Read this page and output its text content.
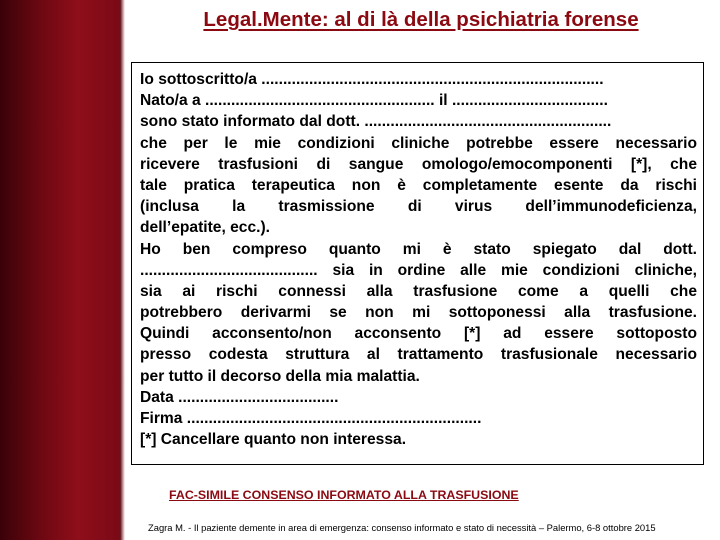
Legal.Mente: al di là della psichiatria forense
Io sottoscritto/a ...............................................................................
Nato/a a ..................................................... il ....................................
sono stato informato dal dott. .........................................................
che per le mie condizioni cliniche potrebbe essere necessario
ricevere trasfusioni di sangue omologo/emocomponenti [*], che
tale pratica terapeutica non è completamente esente da rischi
(inclusa la trasmissione di virus dell’immunodeficienza,
dell’epatite, ecc.).
Ho ben compreso quanto mi è stato spiegato dal dott.
......................................... sia in ordine alle mie condizioni cliniche,
sia ai rischi connessi alla trasfusione come a quelli che
potrebbero derivarmi se non mi sottoponessi alla trasfusione.
Quindi acconsento/non acconsento [*] ad essere sottoposto
presso codesta struttura al trattamento trasfusionale necessario
per tutto il decorso della mia malattia.
Data .....................................
Firma ....................................................................
[*] Cancellare quanto non interessa.
FAC-SIMILE CONSENSO INFORMATO ALLA TRASFUSIONE
Zagra M. - Il paziente demente in area di emergenza: consenso informato e stato di necessità – Palermo, 6-8 ottobre 2015
